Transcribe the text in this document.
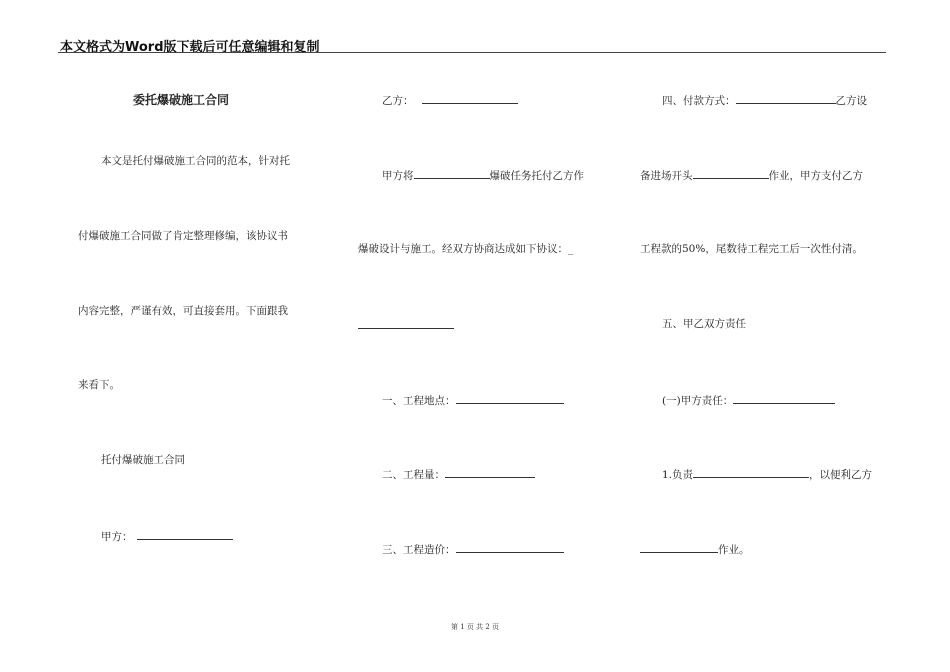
本文格式为Word版下载后可任意编辑和复制
委托爆破施工合同
本文是托付爆破施工合同的范本，针对托
付爆破施工合同做了肯定整理修编，该协议书
内容完整，严谨有效，可直接套用。下面跟我
来看下。
托付爆破施工合同
甲方：
乙方：
甲方将	爆破任务托付乙方作
爆破设计与施工。经双方协商达成如下协议：_
一、工程地点：
二、工程量：
三、工程造价：
四、付款方式：	乙方设
备进场开头	作业，甲方支付乙方
工程款的50%，尾数待工程完工后一次性付清。
五、甲乙双方责任
(一)甲方责任：
1.负责	，以便利乙方
作业。
第 1 页 共 2 页
